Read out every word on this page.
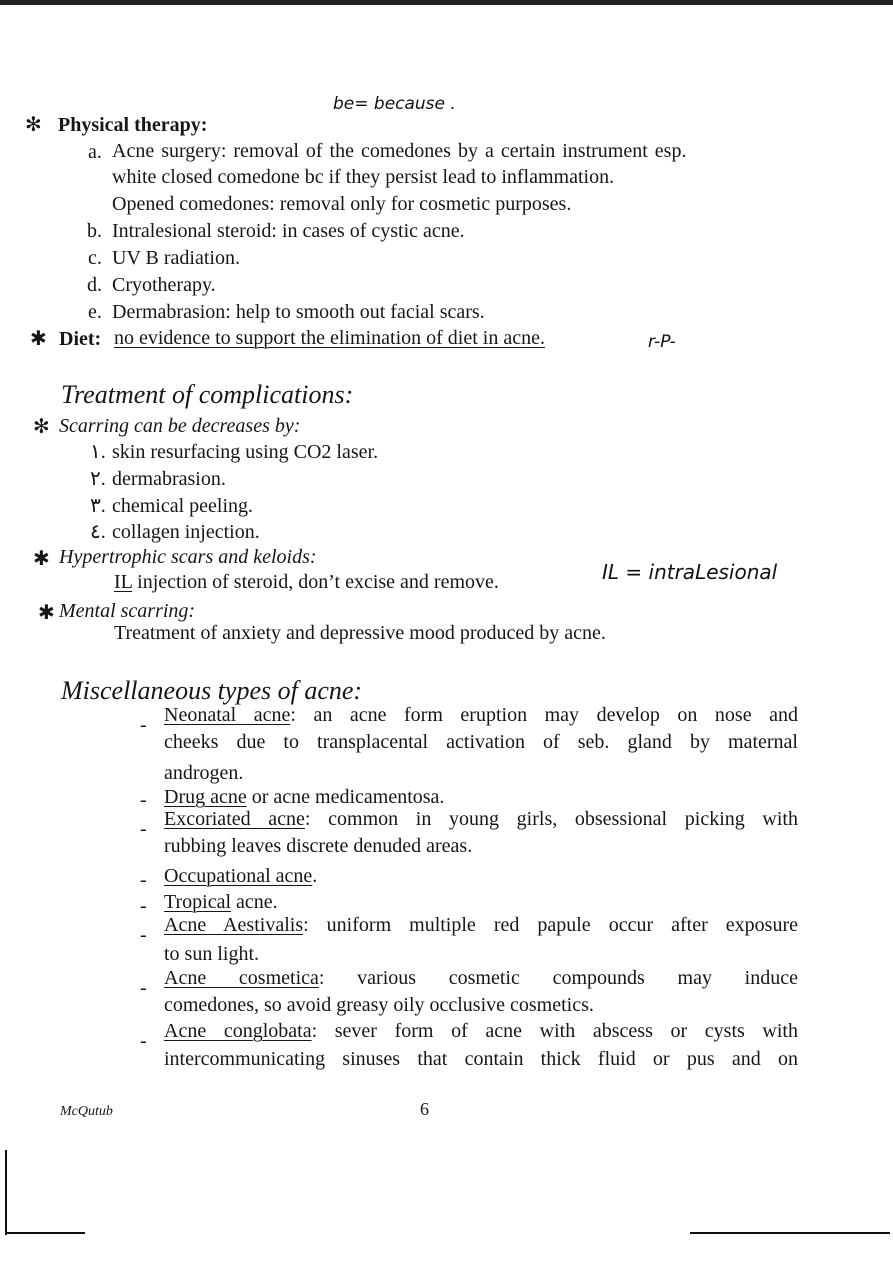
be= because .
✻ Physical therapy:
a. Acne surgery: removal of the comedones by a certain instrument esp.
white closed comedone bc if they persist lead to inflammation.
Opened comedones: removal only for cosmetic purposes.
b. Intralesional steroid: in cases of cystic acne.
c. UV B radiation.
d. Cryotherapy.
e. Dermabrasion: help to smooth out facial scars.
✱ Diet: no evidence to support the elimination of diet in acne.	r-P-
Treatment of complications:
✻ Scarring can be decreases by:
١. skin resurfacing using CO2 laser.
٢. dermabrasion.
٣. chemical peeling.
٤. collagen injection.
✱ Hypertrophic scars and keloids:
IL injection of steroid, don’t excise and remove.	IL = intraLesional
✱ Mental scarring:
Treatment of anxiety and depressive mood produced by acne.
Miscellaneous types of acne:
- Neonatal acne: an acne form eruption may develop on nose and
cheeks due to transplacental activation of seb. gland by maternal
androgen.
- Drug acne or acne medicamentosa.
- Excoriated acne: common in young girls, obsessional picking with
rubbing leaves discrete denuded areas.
- Occupational acne.
- Tropical acne.
- Acne Aestivalis: uniform multiple red papule occur after exposure
to sun light.
- Acne cosmetica: various cosmetic compounds may induce
comedones, so avoid greasy oily occlusive cosmetics.
- Acne conglobata: sever form of acne with abscess or cysts with
intercommunicating sinuses that contain thick fluid or pus and on
McQutub	6
